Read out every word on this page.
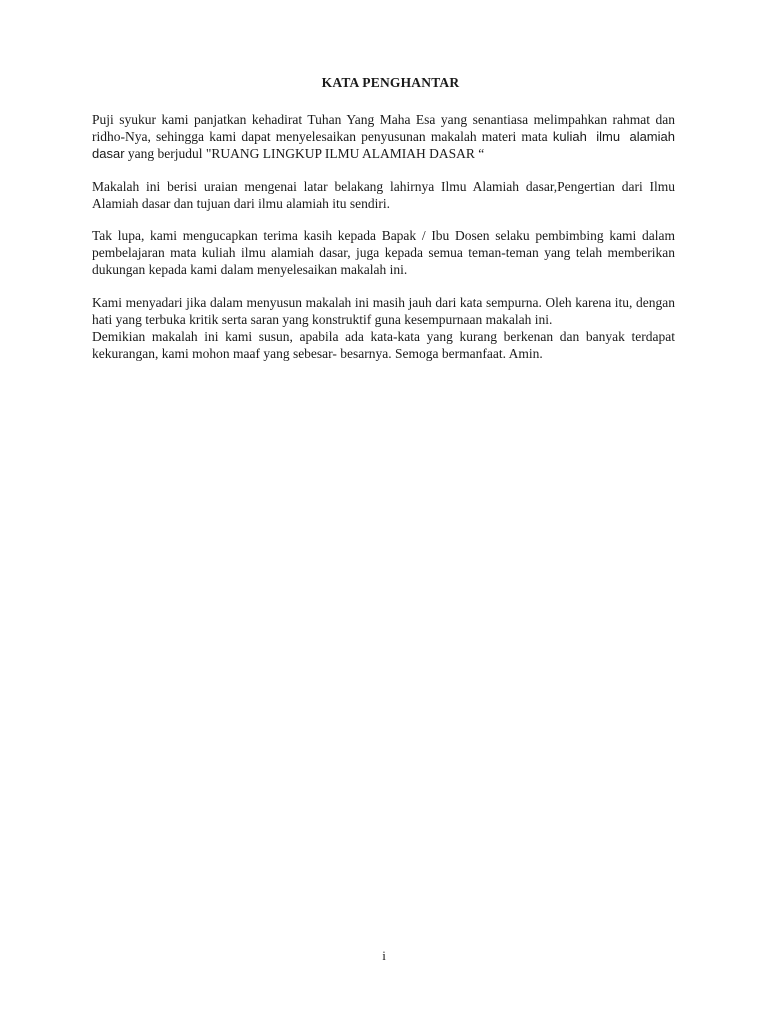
KATA PENGHANTAR

Puji syukur kami panjatkan kehadirat Tuhan Yang Maha Esa yang senantiasa melimpahkan rahmat dan ridho-Nya, sehingga kami dapat menyelesaikan penyusunan makalah materi mata kuliah ilmu alamiah dasar yang berjudul "RUANG LINGKUP ILMU ALAMIAH DASAR “

Makalah ini berisi uraian mengenai latar belakang lahirnya Ilmu Alamiah dasar,Pengertian dari Ilmu Alamiah dasar dan tujuan dari ilmu alamiah itu sendiri.

Tak lupa, kami mengucapkan terima kasih kepada Bapak / Ibu Dosen selaku pembimbing kami dalam pembelajaran mata kuliah ilmu alamiah dasar, juga kepada semua teman-teman yang telah memberikan dukungan kepada kami dalam menyelesaikan makalah ini.

Kami menyadari jika dalam menyusun makalah ini masih jauh dari kata sempurna. Oleh karena itu, dengan hati yang terbuka kritik serta saran yang konstruktif guna kesempurnaan makalah ini.

Demikian makalah ini kami susun, apabila ada kata-kata yang kurang berkenan dan banyak terdapat kekurangan, kami mohon maaf yang sebesar- besarnya. Semoga bermanfaat. Amin.

i
